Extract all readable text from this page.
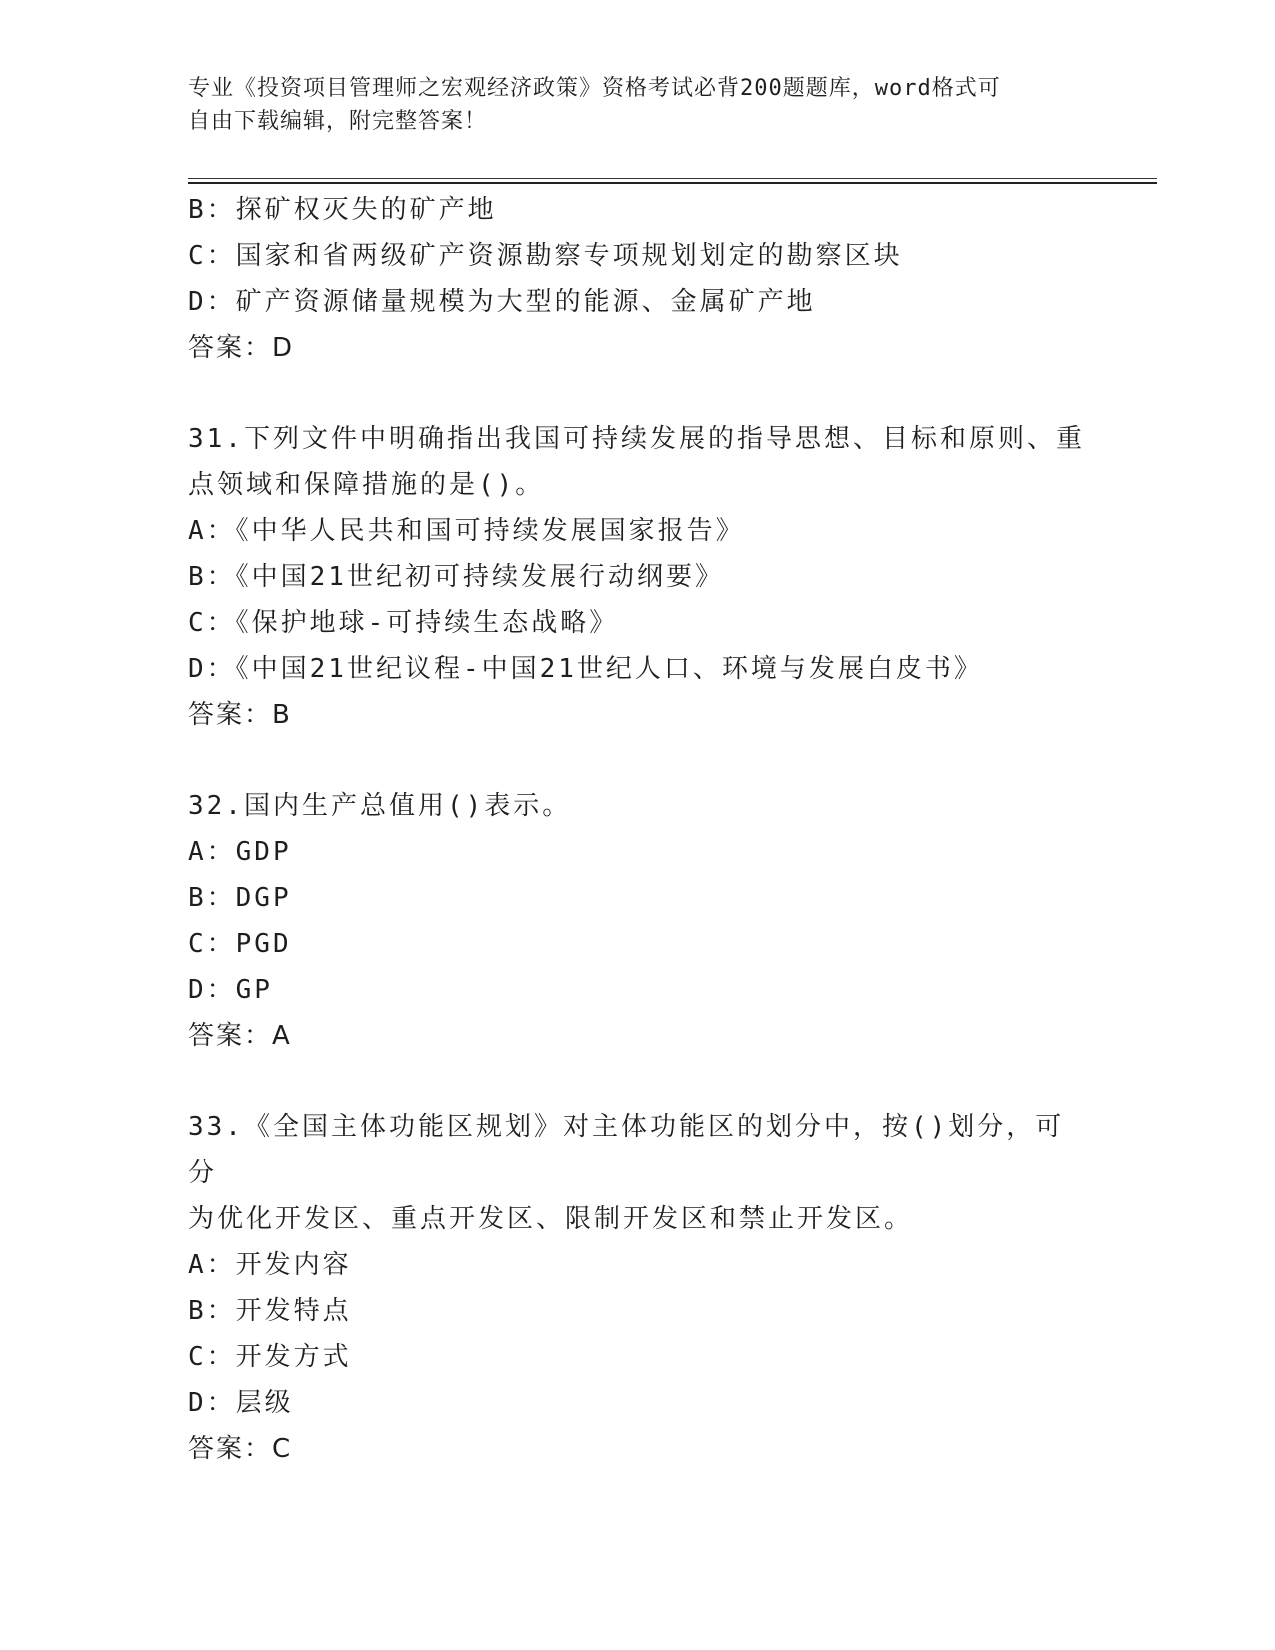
专业《投资项目管理师之宏观经济政策》资格考试必背200题题库，word格式可
自由下载编辑，附完整答案！
B：探矿权灭失的矿产地
C：国家和省两级矿产资源勘察专项规划划定的勘察区块
D：矿产资源储量规模为大型的能源、金属矿产地
答案：D
31.下列文件中明确指出我国可持续发展的指导思想、目标和原则、重
点领域和保障措施的是()。
A：《中华人民共和国可持续发展国家报告》
B：《中国21世纪初可持续发展行动纲要》
C：《保护地球-可持续生态战略》
D：《中国21世纪议程-中国21世纪人口、环境与发展白皮书》
答案：B
32.国内生产总值用()表示。
A：GDP
B：DGP
C：PGD
D：GP
答案：A
33.《全国主体功能区规划》对主体功能区的划分中，按()划分，可分
为优化开发区、重点开发区、限制开发区和禁止开发区。
A：开发内容
B：开发特点
C：开发方式
D：层级
答案：C
